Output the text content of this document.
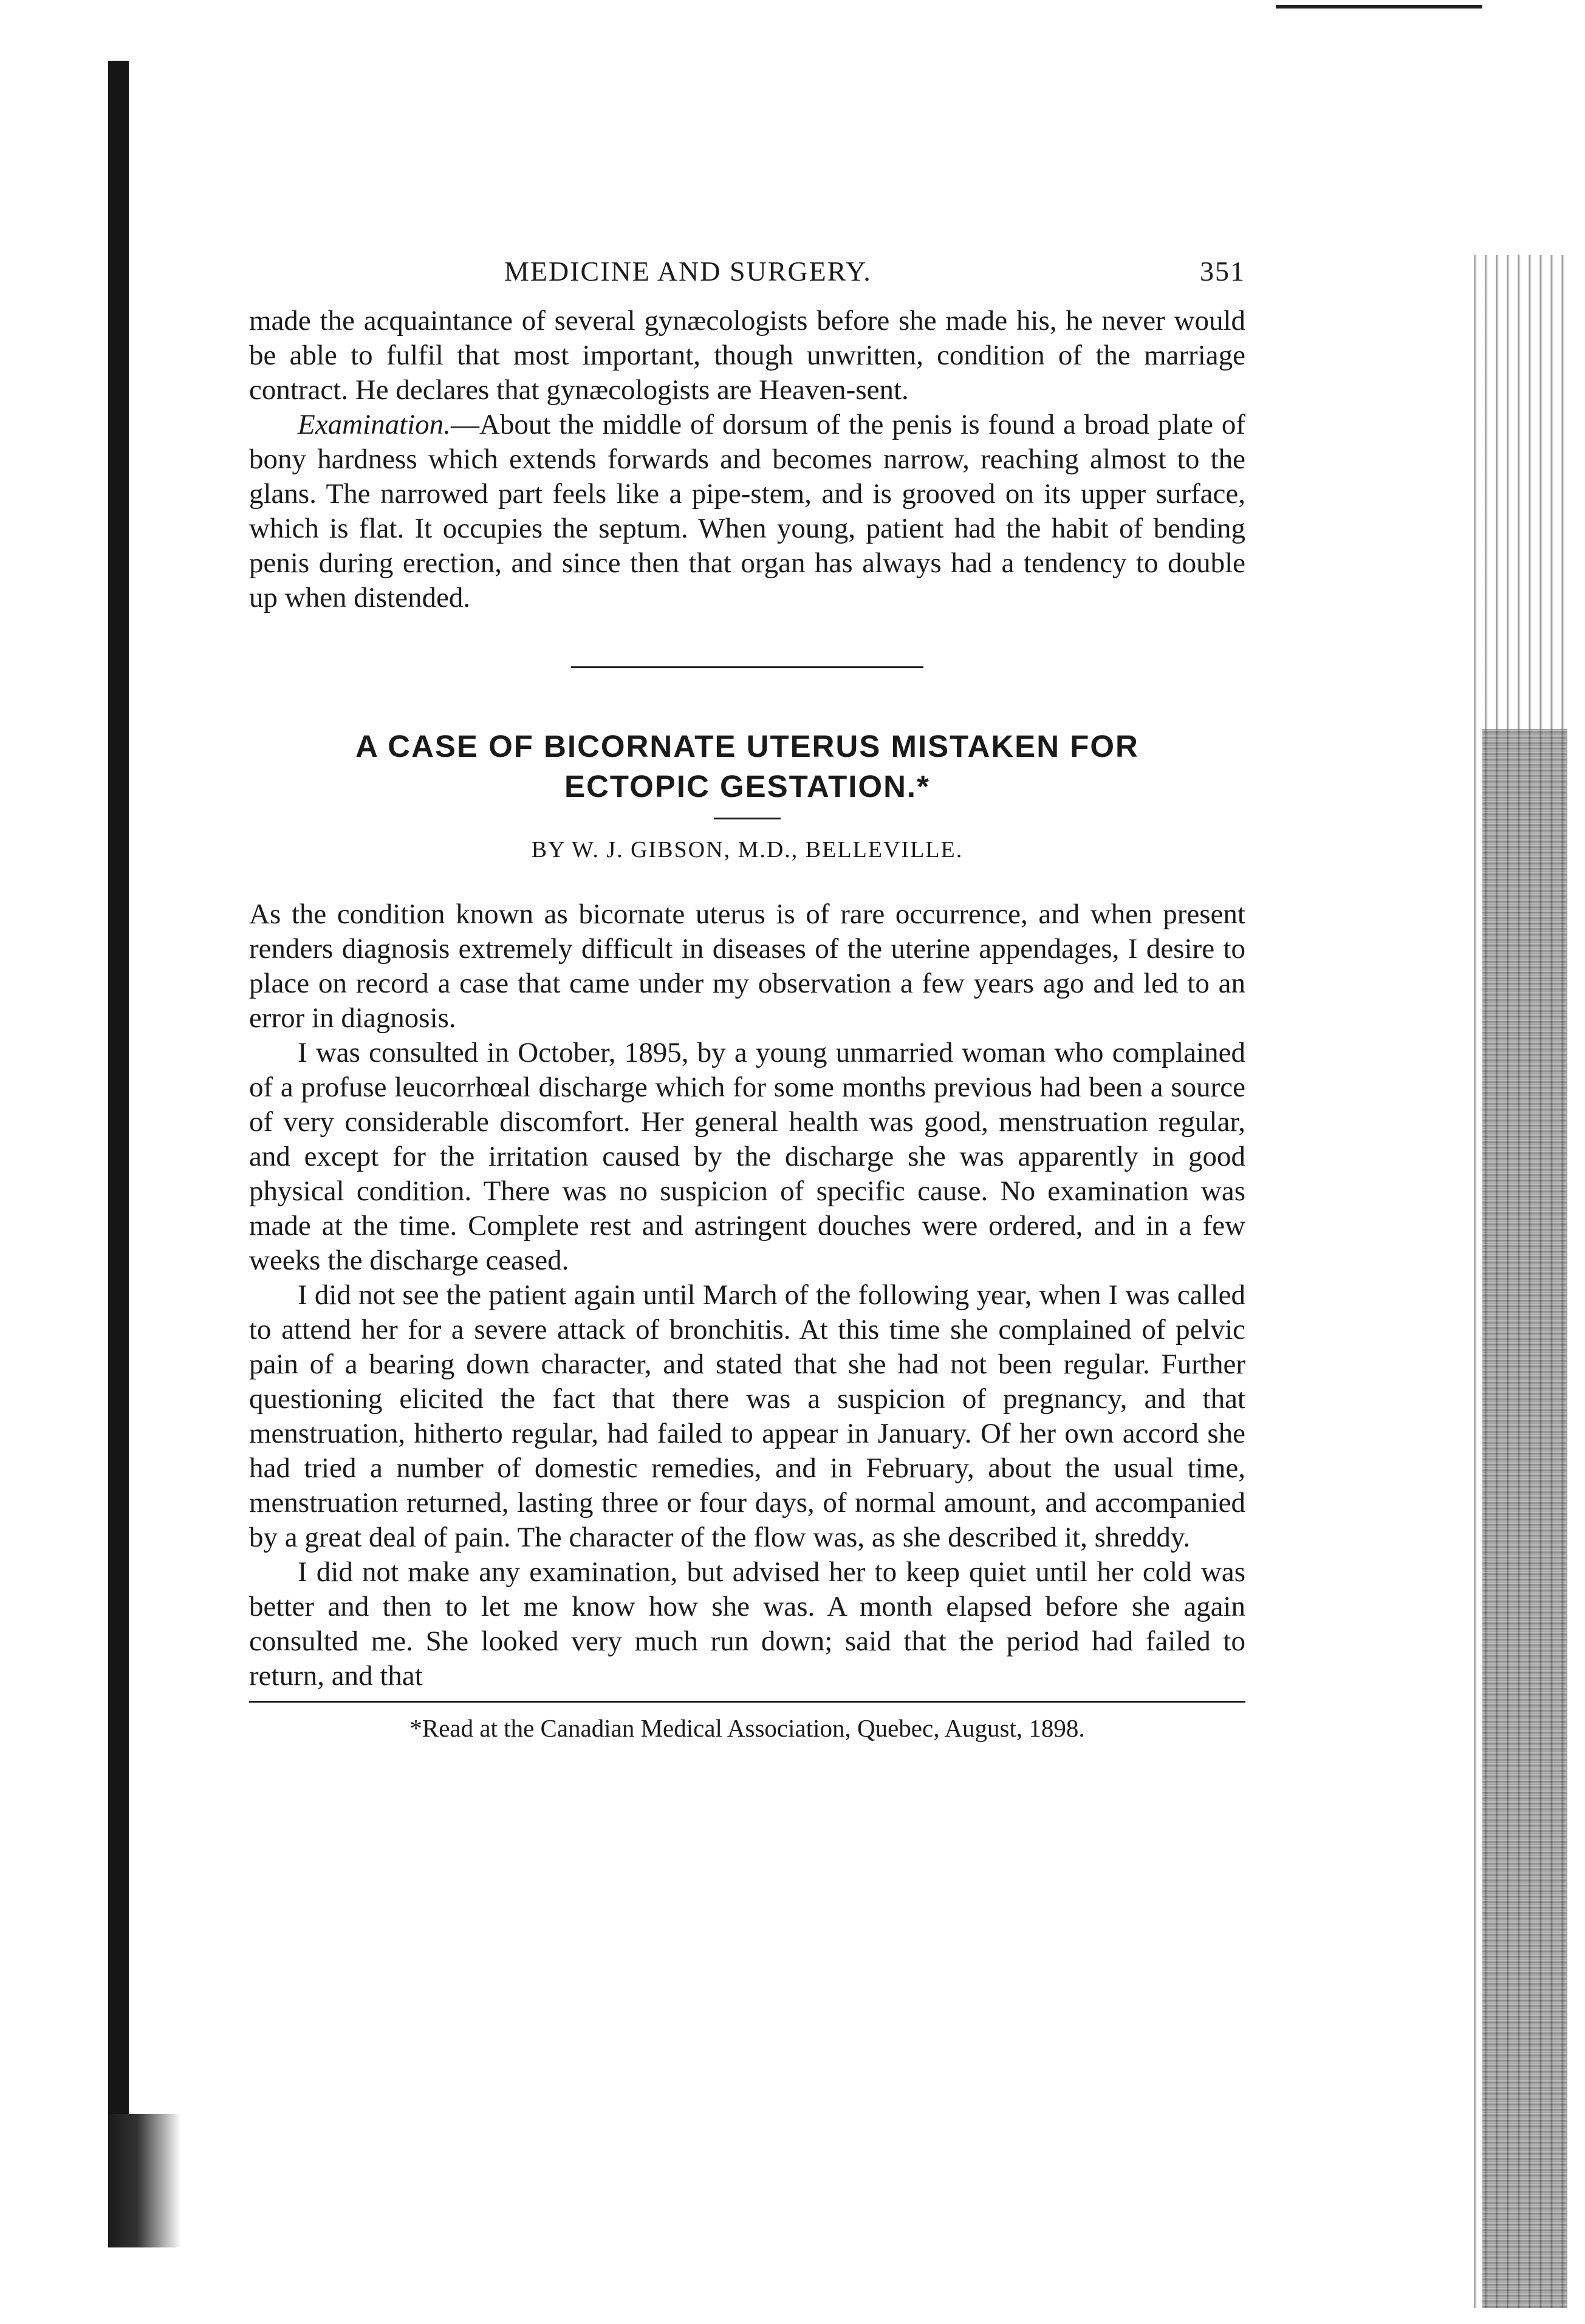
MEDICINE AND SURGERY.	351

made the acquaintance of several gynæcologists before she made his, he never would be able to fulfil that most important, though unwritten, condition of the marriage contract. He declares that gynæcologists are Heaven-sent.

Examination.—About the middle of dorsum of the penis is found a broad plate of bony hardness which extends forwards and becomes narrow, reaching almost to the glans. The narrowed part feels like a pipe-stem, and is grooved on its upper surface, which is flat. It occupies the septum. When young, patient had the habit of bending penis during erection, and since then that organ has always had a tendency to double up when distended.

A CASE OF BICORNATE UTERUS MISTAKEN FOR
ECTOPIC GESTATION.*

BY W. J. GIBSON, M.D., BELLEVILLE.

As the condition known as bicornate uterus is of rare occurrence, and when present renders diagnosis extremely difficult in diseases of the uterine appendages, I desire to place on record a case that came under my observation a few years ago and led to an error in diagnosis.

I was consulted in October, 1895, by a young unmarried woman who complained of a profuse leucorrhœal discharge which for some months previous had been a source of very considerable discomfort. Her general health was good, menstruation regular, and except for the irritation caused by the discharge she was apparently in good physical condition. There was no suspicion of specific cause. No examination was made at the time. Complete rest and astringent douches were ordered, and in a few weeks the discharge ceased.

I did not see the patient again until March of the following year, when I was called to attend her for a severe attack of bronchitis. At this time she complained of pelvic pain of a bearing down character, and stated that she had not been regular. Further questioning elicited the fact that there was a suspicion of pregnancy, and that menstruation, hitherto regular, had failed to appear in January. Of her own accord she had tried a number of domestic remedies, and in February, about the usual time, menstruation returned, lasting three or four days, of normal amount, and accompanied by a great deal of pain. The character of the flow was, as she described it, shreddy.

I did not make any examination, but advised her to keep quiet until her cold was better and then to let me know how she was. A month elapsed before she again consulted me. She looked very much run down; said that the period had failed to return, and that

*Read at the Canadian Medical Association, Quebec, August, 1898.
